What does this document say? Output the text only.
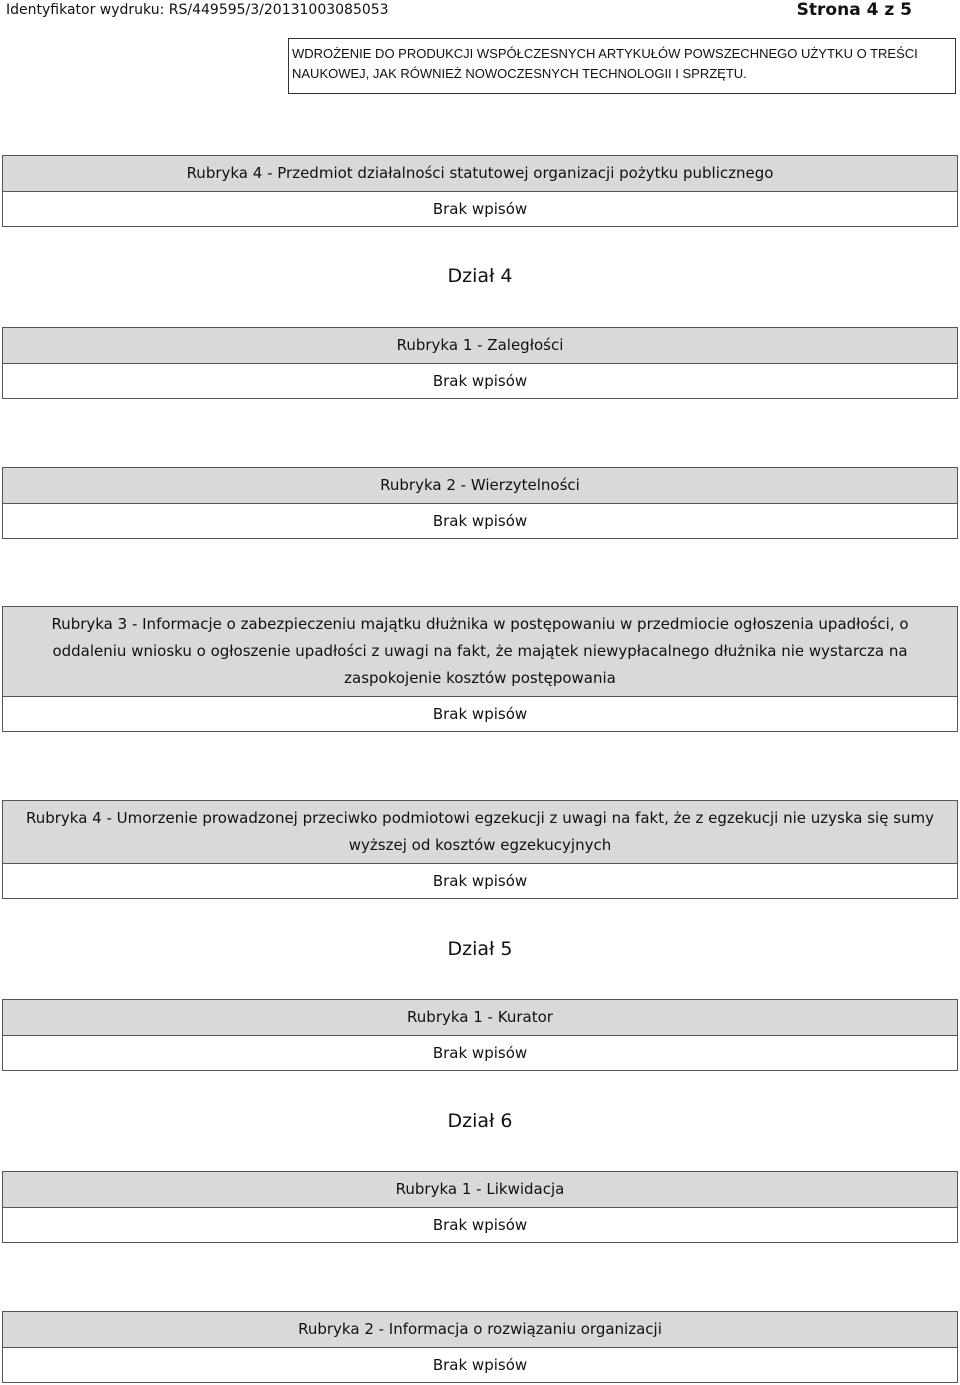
Identyfikator wydruku: RS/449595/3/20131003085053	Strona 4 z 5
WDROŻENIE DO PRODUKCJI WSPÓŁCZESNYCH ARTYKUŁÓW POWSZECHNEGO UŻYTKU O TREŚCI NAUKOWEJ, JAK RÓWNIEŻ NOWOCZESNYCH TECHNOLOGII I SPRZĘTU.
Rubryka 4 - Przedmiot działalności statutowej organizacji pożytku publicznego
Brak wpisów
Dział 4
Rubryka 1 - Zaległości
Brak wpisów
Rubryka 2 - Wierzytelności
Brak wpisów
Rubryka 3 - Informacje o zabezpieczeniu majątku dłużnika w postępowaniu w przedmiocie ogłoszenia upadłości, o oddaleniu wniosku o ogłoszenie upadłości z uwagi na fakt, że majątek niewypłacalnego dłużnika nie wystarcza na zaspokojenie kosztów postępowania
Brak wpisów
Rubryka 4 - Umorzenie prowadzonej przeciwko podmiotowi egzekucji z uwagi na fakt, że z egzekucji nie uzyska się sumy wyższej od kosztów egzekucyjnych
Brak wpisów
Dział 5
Rubryka 1 - Kurator
Brak wpisów
Dział 6
Rubryka 1 - Likwidacja
Brak wpisów
Rubryka 2 - Informacja o rozwiązaniu organizacji
Brak wpisów
